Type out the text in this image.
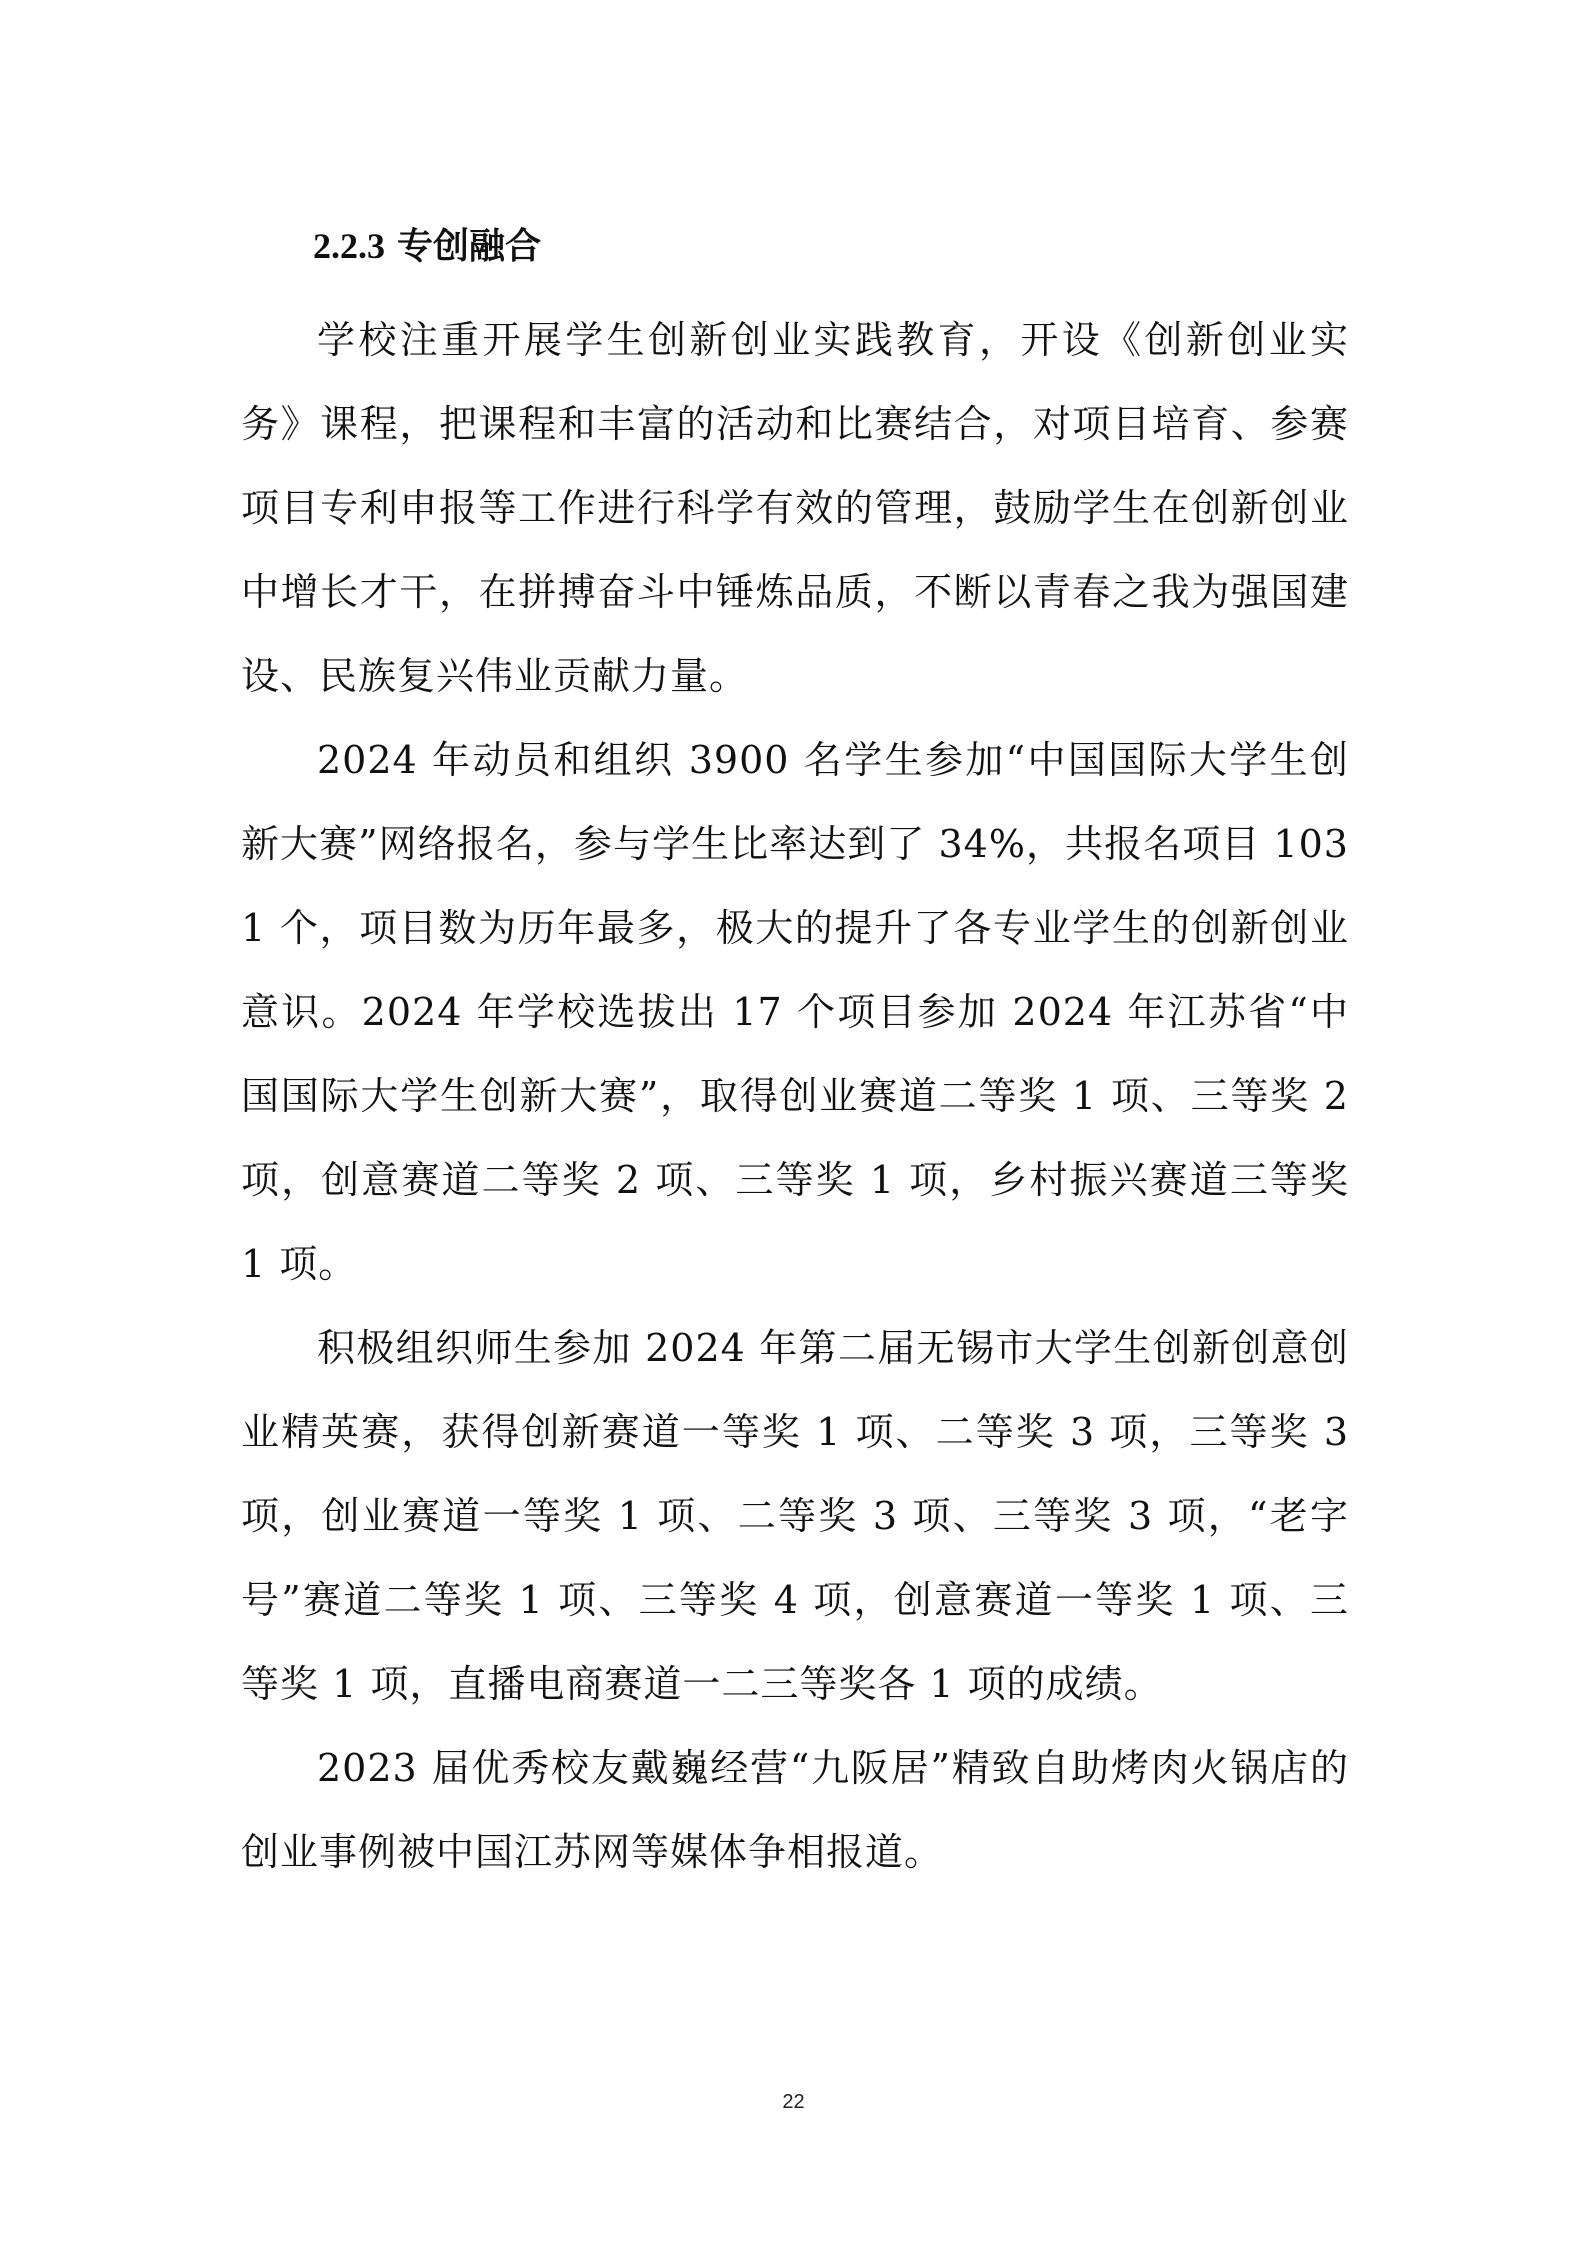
2.2.3 专创融合

学校注重开展学生创新创业实践教育，开设《创新创业实务》课程，把课程和丰富的活动和比赛结合，对项目培育、参赛项目专利申报等工作进行科学有效的管理，鼓励学生在创新创业中增长才干，在拼搏奋斗中锤炼品质，不断以青春之我为强国建设、民族复兴伟业贡献力量。

2024 年动员和组织 3900 名学生参加“中国国际大学生创新大赛”网络报名，参与学生比率达到了 34%，共报名项目 1031 个，项目数为历年最多，极大的提升了各专业学生的创新创业意识。2024 年学校选拔出 17 个项目参加 2024 年江苏省“中国国际大学生创新大赛”，取得创业赛道二等奖 1 项、三等奖 2 项，创意赛道二等奖 2 项、三等奖 1 项，乡村振兴赛道三等奖 1 项。

积极组织师生参加 2024 年第二届无锡市大学生创新创意创业精英赛，获得创新赛道一等奖 1 项、二等奖 3 项，三等奖 3 项，创业赛道一等奖 1 项、二等奖 3 项、三等奖 3 项，“老字号”赛道二等奖 1 项、三等奖 4 项，创意赛道一等奖 1 项、三等奖 1 项，直播电商赛道一二三等奖各 1 项的成绩。

2023 届优秀校友戴巍经营“九阪居”精致自助烤肉火锅店的创业事例被中国江苏网等媒体争相报道。

22
